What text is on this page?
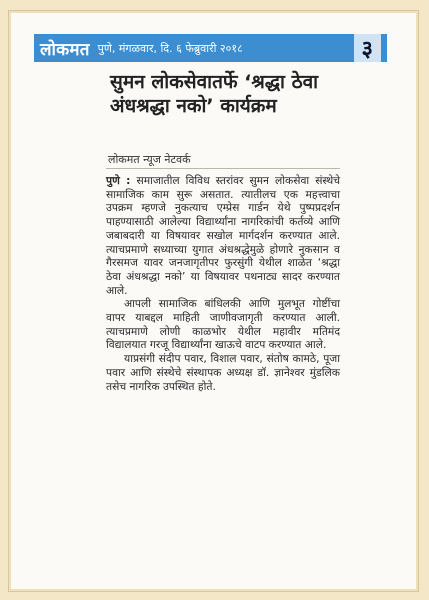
लोकमत पुणे, मंगळवार, दि. ६ फेब्रुवारी २०१८	३
सुमन लोकसेवातर्फे ‘श्रद्धा ठेवा अंधश्रद्धा नको’ कार्यक्रम
लोकमत न्यूज नेटवर्क

पुणे : समाजातील विविध स्तरांवर सुमन लोकसेवा संस्थेचे सामाजिक काम सुरू असतात. त्यातीलच एक महत्त्वाचा उपक्रम म्हणजे नुकत्याच एम्प्रेस गार्डन येथे पुष्पप्रदर्शन पाहण्यासाठी आलेल्या विद्यार्थ्यांना नागरिकांची कर्तव्ये आणि जबाबदारी या विषयावर सखोल मार्गदर्शन करण्यात आले. त्याचप्रमाणे सध्याच्या युगात अंधश्रद्धेमुळे होणारे नुकसान व गैरसमज यावर जनजागृतीपर फुरसुंगी येथील शाळेत ‘श्रद्धा ठेवा अंधश्रद्धा नको’ या विषयावर पथनाट्य सादर करण्यात आले.

आपली सामाजिक बांधिलकी आणि मुलभूत गोष्टींचा वापर याबद्दल माहिती जाणीवजागृती करण्यात आली. त्याचप्रमाणे लोणी काळभोर येथील महावीर मतिमंद विद्यालयात गरजू विद्यार्थ्यांना खाऊचे वाटप करण्यात आले.

याप्रसंगी संदीप पवार, विशाल पवार, संतोष कामठे, पूजा पवार आणि संस्थेचे संस्थापक अध्यक्ष डॉ. ज्ञानेश्वर मुंडलिक तसेच नागरिक उपस्थित होते.
